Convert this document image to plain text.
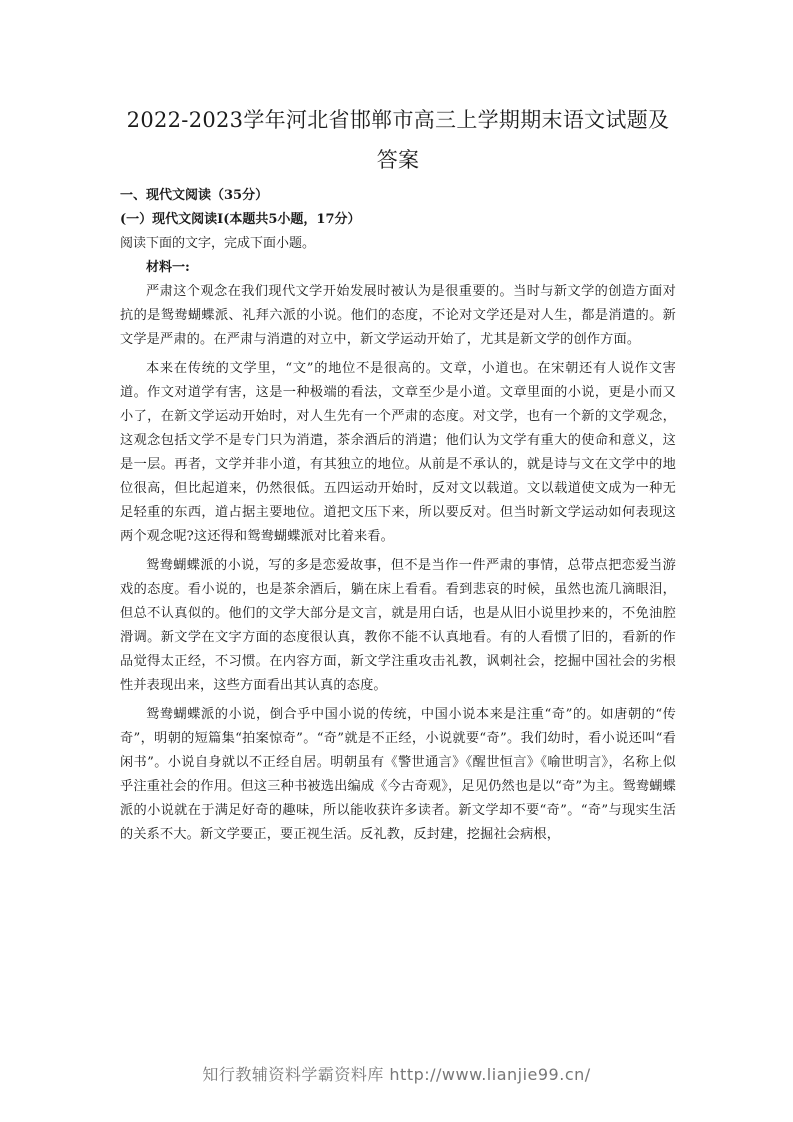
2022-2023学年河北省邯郸市高三上学期期末语文试题及答案

一、现代文阅读（35分）

(一）现代文阅读I(本题共5小题，17分）

阅读下面的文字，完成下面小题。

材料一:

严肃这个观念在我们现代文学开始发展时被认为是很重要的。当时与新文学的创造方面对抗的是鸳鸯蝴蝶派、礼拜六派的小说。他们的态度，不论对文学还是对人生，都是消遣的。新文学是严肃的。在严肃与消遣的对立中，新文学运动开始了，尤其是新文学的创作方面。

本来在传统的文学里，“文”的地位不是很高的。文章，小道也。在宋朝还有人说作文害道。作文对道学有害，这是一种极端的看法，文章至少是小道。文章里面的小说，更是小而又小了，在新文学运动开始时，对人生先有一个严肃的态度。对文学，也有一个新的文学观念，这观念包括文学不是专门只为消遣，茶余酒后的消遣；他们认为文学有重大的使命和意义，这是一层。再者，文学并非小道，有其独立的地位。从前是不承认的，就是诗与文在文学中的地位很高，但比起道来，仍然很低。五四运动开始时，反对文以载道。文以载道使文成为一种无足轻重的东西，道占据主要地位。道把文压下来，所以要反对。但当时新文学运动如何表现这两个观念呢?这还得和鸳鸯蝴蝶派对比着来看。

鸳鸯蝴蝶派的小说，写的多是恋爱故事，但不是当作一件严肃的事情，总带点把恋爱当游戏的态度。看小说的，也是茶余酒后，躺在床上看看。看到悲哀的时候，虽然也流几滴眼泪，但总不认真似的。他们的文学大部分是文言，就是用白话，也是从旧小说里抄来的，不免油腔滑调。新文学在文字方面的态度很认真，教你不能不认真地看。有的人看惯了旧的，看新的作品觉得太正经，不习惯。在内容方面，新文学注重攻击礼教，讽刺社会，挖掘中国社会的劣根性并表现出来，这些方面看出其认真的态度。

鸳鸯蝴蝶派的小说，倒合乎中国小说的传统，中国小说本来是注重“奇”的。如唐朝的“传奇”，明朝的短篇集“拍案惊奇”。“奇”就是不正经，小说就要“奇”。我们幼时，看小说还叫“看闲书”。小说自身就以不正经自居。明朝虽有《警世通言》《醒世恒言》《喻世明言》，名称上似乎注重社会的作用。但这三种书被选出编成《今古奇观》，足见仍然也是以“奇”为主。鸳鸯蝴蝶派的小说就在于满足好奇的趣味，所以能收获许多读者。新文学却不要“奇”。“奇”与现实生活的关系不大。新文学要正，要正视生活。反礼教，反封建，挖掘社会病根，

知行教辅资料学霸资料库 http://www.lianjie99.cn/
